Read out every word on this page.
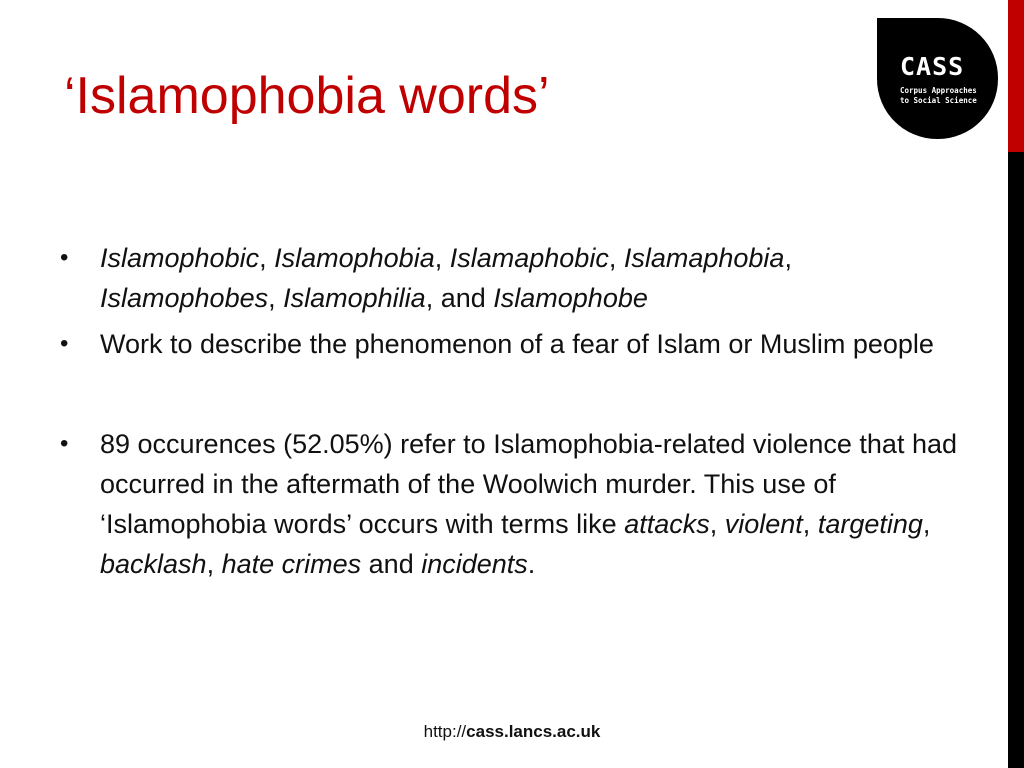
‘Islamophobia words’
CASS
Corpus Approaches
to Social Science
• Islamophobic, Islamophobia, Islamaphobic, Islamaphobia, Islamophobes, Islamophilia, and Islamophobe
• Work to describe the phenomenon of a fear of Islam or Muslim people
• 89 occurences (52.05%) refer to Islamophobia-related violence that had occurred in the aftermath of the Woolwich murder. This use of ‘Islamophobia words’ occurs with terms like attacks, violent, targeting, backlash, hate crimes and incidents.
http://cass.lancs.ac.uk
